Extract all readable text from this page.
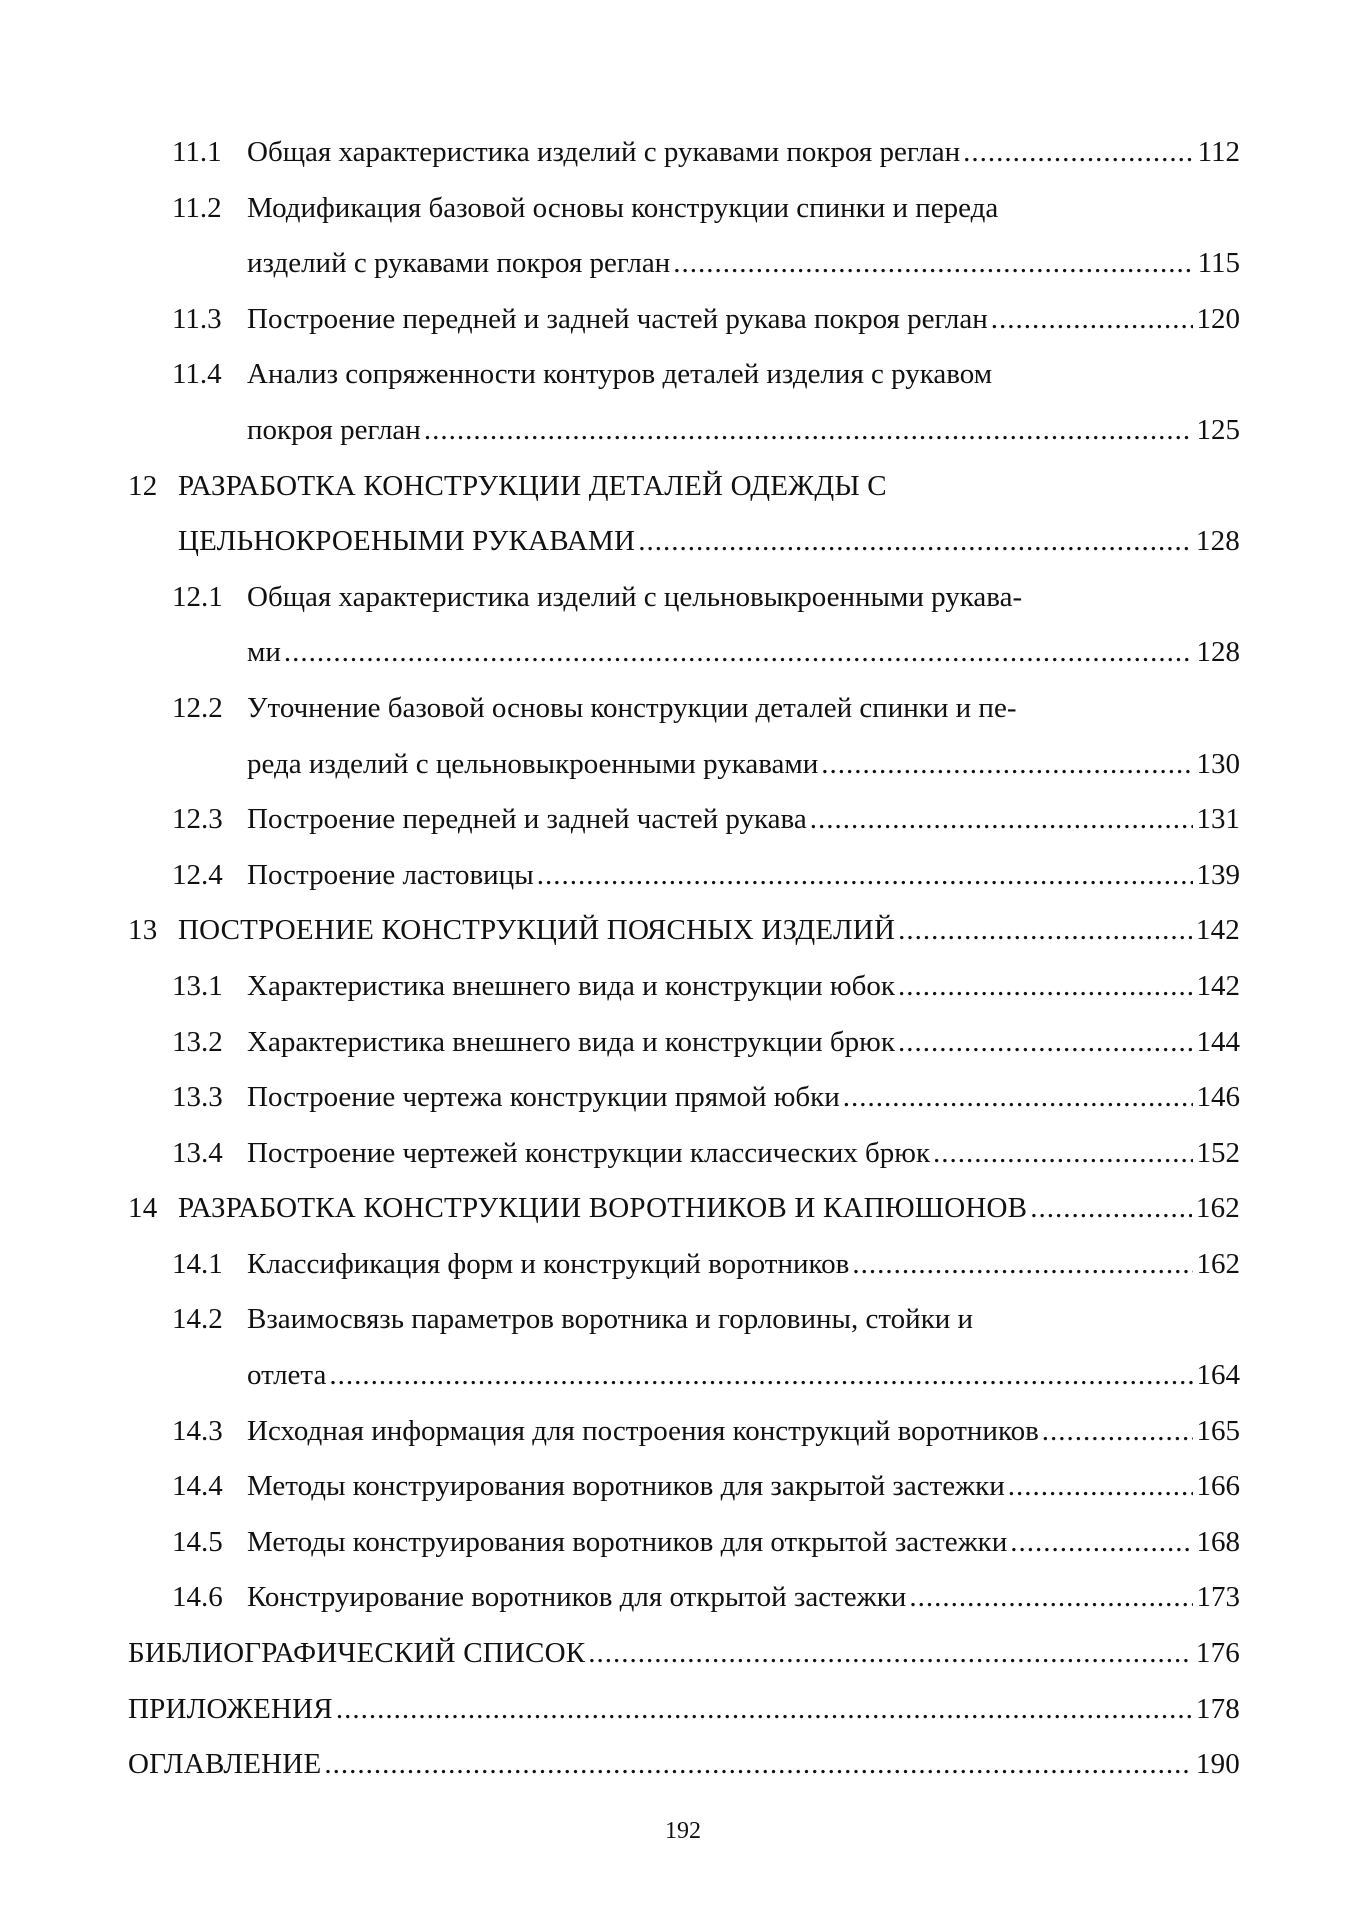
11.1 Общая характеристика изделий с рукавами покроя реглан .....	112
11.2 Модификация базовой основы конструкции спинки и переда
изделий с рукавами покроя реглан .....	115
11.3 Построение передней и задней частей рукава покроя реглан .....	120
11.4 Анализ сопряженности контуров деталей изделия с рукавом
покроя реглан .....	125
12 РАЗРАБОТКА КОНСТРУКЦИИ ДЕТАЛЕЙ ОДЕЖДЫ С
ЦЕЛЬНОКРОЕНЫМИ РУКАВАМИ .....	128
12.1 Общая характеристика изделий с цельновыкроенными рукава-
ми .....	128
12.2 Уточнение базовой основы конструкции деталей спинки и пе-
реда изделий с цельновыкроенными рукавами .....	130
12.3 Построение передней и задней частей рукава .....	131
12.4 Построение ластовицы .....	139
13 ПОСТРОЕНИЕ КОНСТРУКЦИЙ ПОЯСНЫХ ИЗДЕЛИЙ .....	142
13.1 Характеристика внешнего вида и конструкции юбок .....	142
13.2 Характеристика внешнего вида и конструкции брюк .....	144
13.3 Построение чертежа конструкции прямой юбки .....	146
13.4 Построение чертежей конструкции классических брюк .....	152
14 РАЗРАБОТКА КОНСТРУКЦИИ ВОРОТНИКОВ И КАПЮШОНОВ .....	162
14.1 Классификация форм и конструкций воротников .....	162
14.2 Взаимосвязь параметров воротника и горловины, стойки и
отлета .....	164
14.3 Исходная информация для построения конструкций воротников .....	165
14.4 Методы конструирования воротников для закрытой застежки .....	166
14.5 Методы конструирования воротников для открытой застежки .....	168
14.6 Конструирование воротников для открытой застежки .....	173
БИБЛИОГРАФИЧЕСКИЙ СПИСОК .....	176
ПРИЛОЖЕНИЯ .....	178
ОГЛАВЛЕНИЕ .....	190
192
